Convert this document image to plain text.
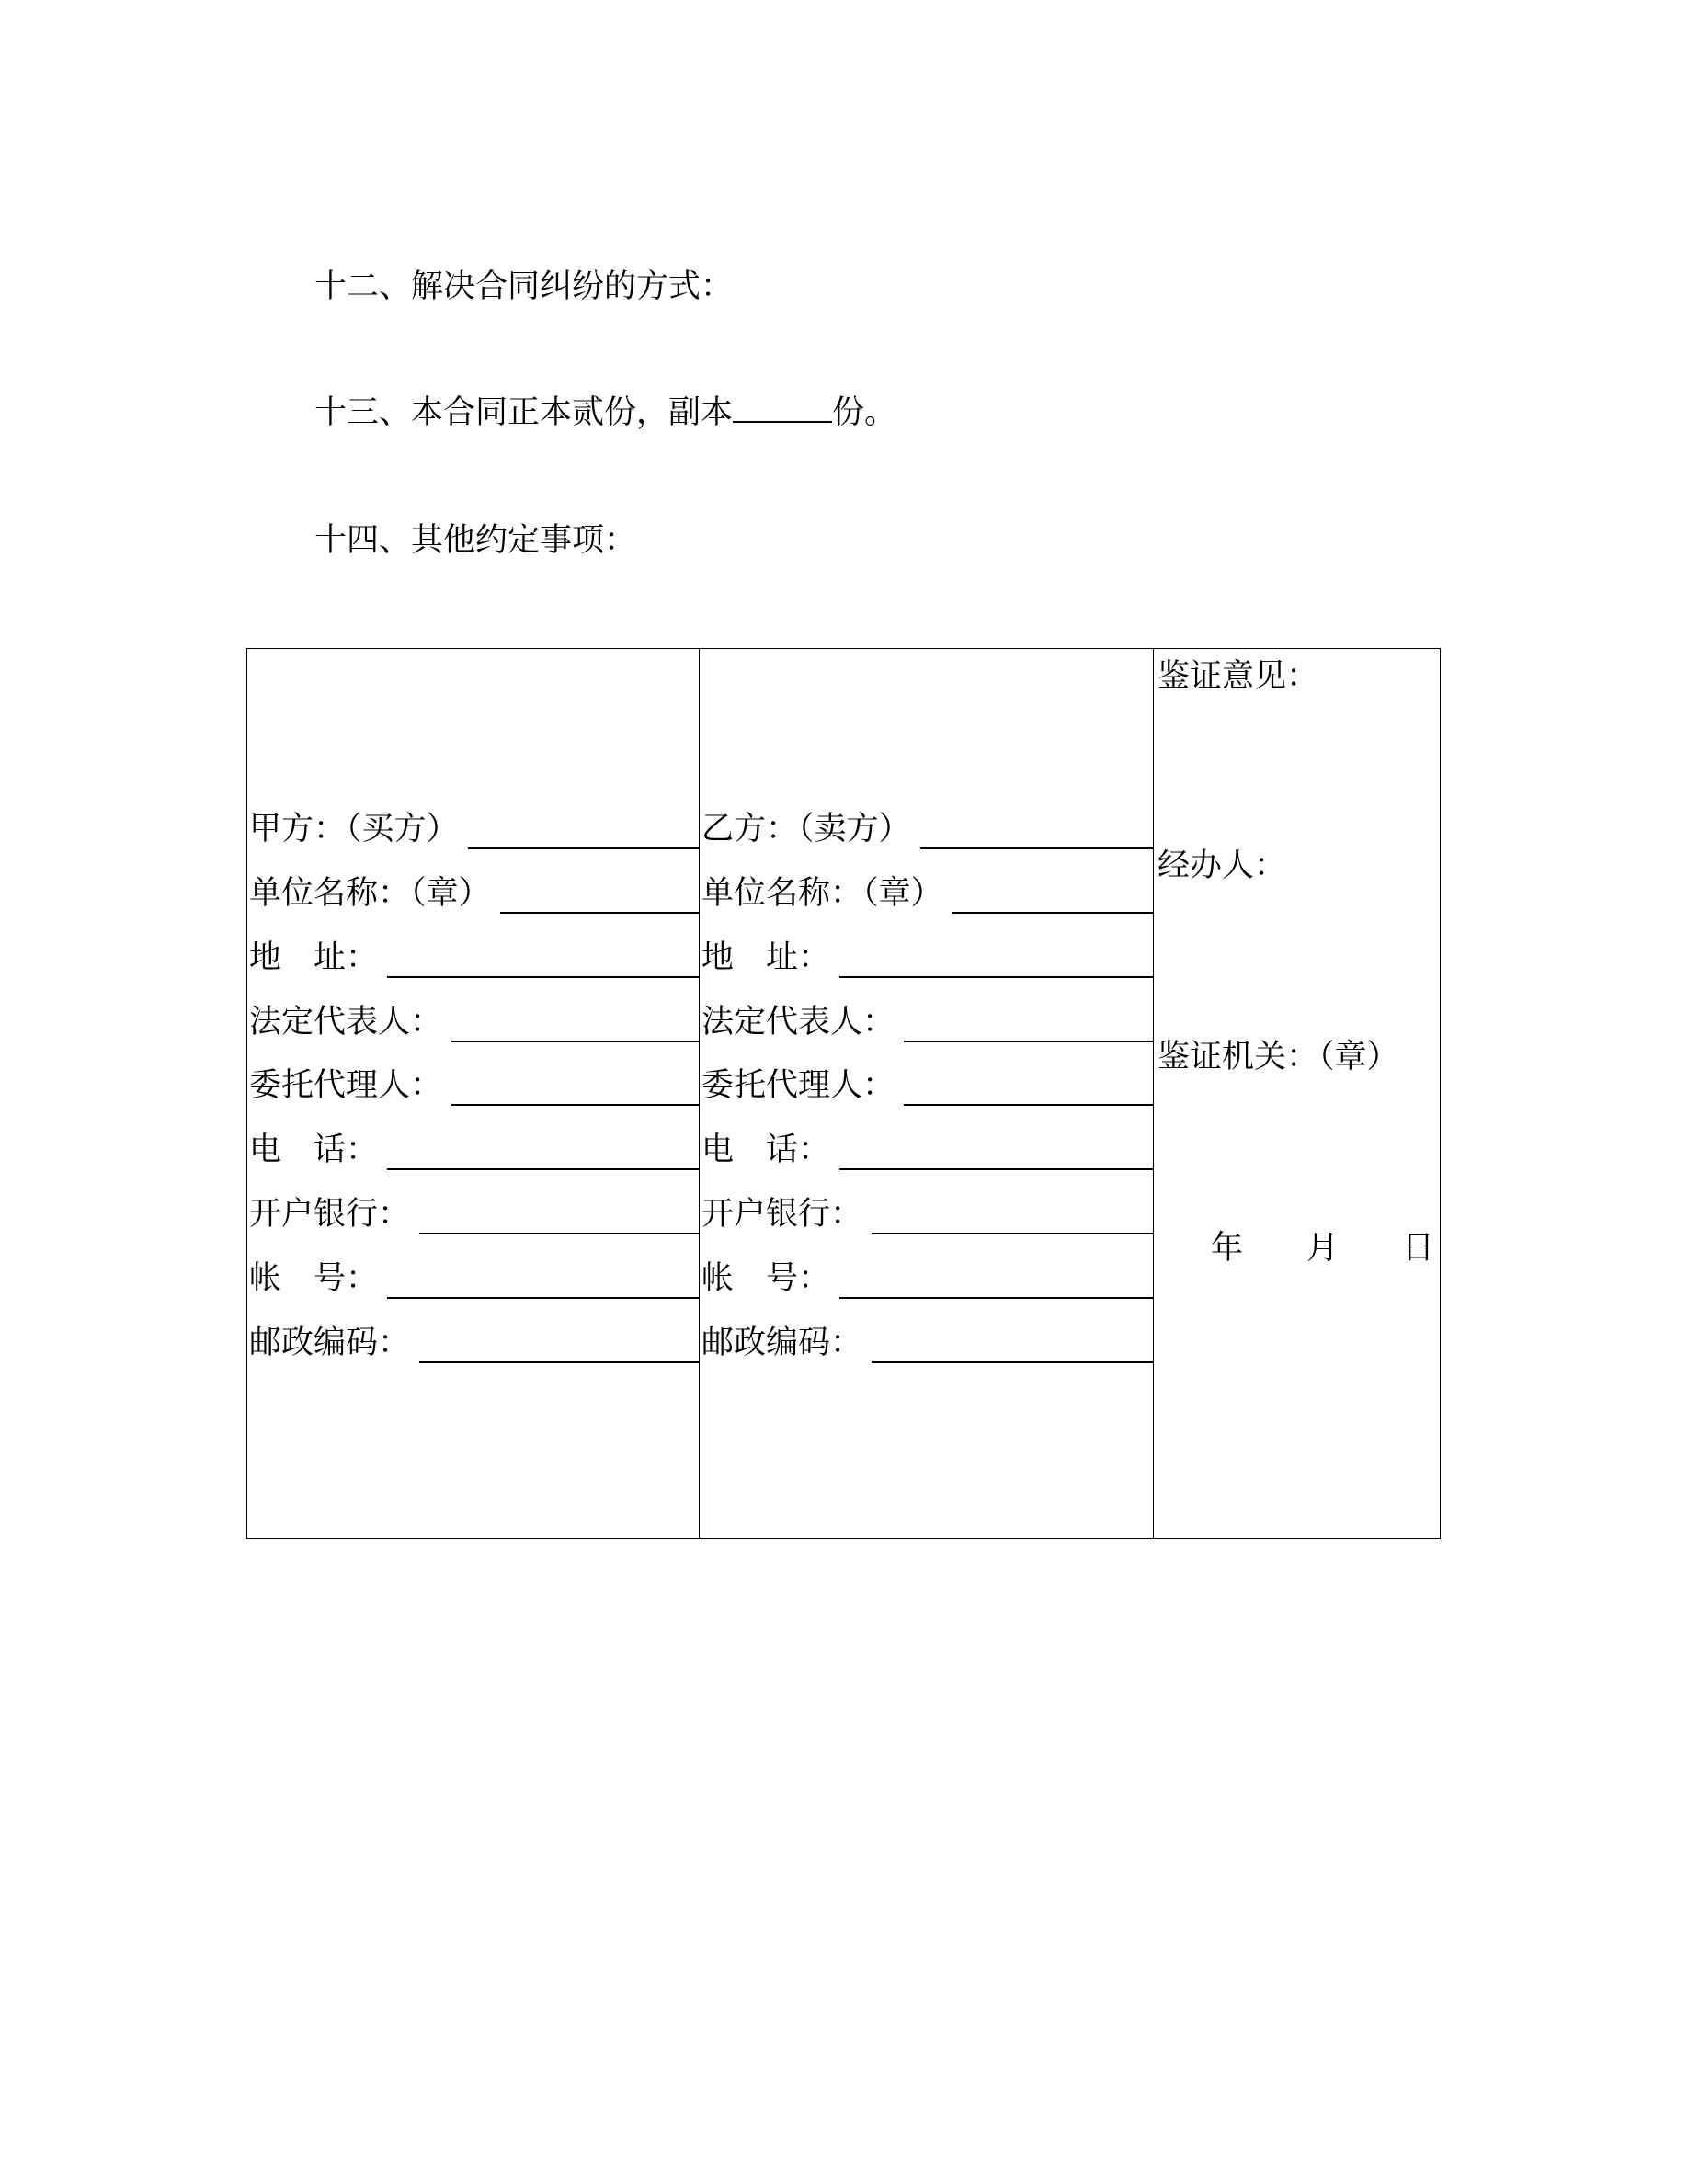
十二、解决合同纠纷的方式：
十三、本合同正本贰份，副本	份。
十四、其他约定事项：
甲方：（买方）
单位名称：（章）
地　址：
法定代表人：
委托代理人：
电　话：
开户银行：
帐　号：
邮政编码：
乙方：（卖方）
单位名称：（章）
地　址：
法定代表人：
委托代理人：
电　话：
开户银行：
帐　号：
邮政编码：
鉴证意见：
经办人：
鉴证机关：（章）
年 月 日
